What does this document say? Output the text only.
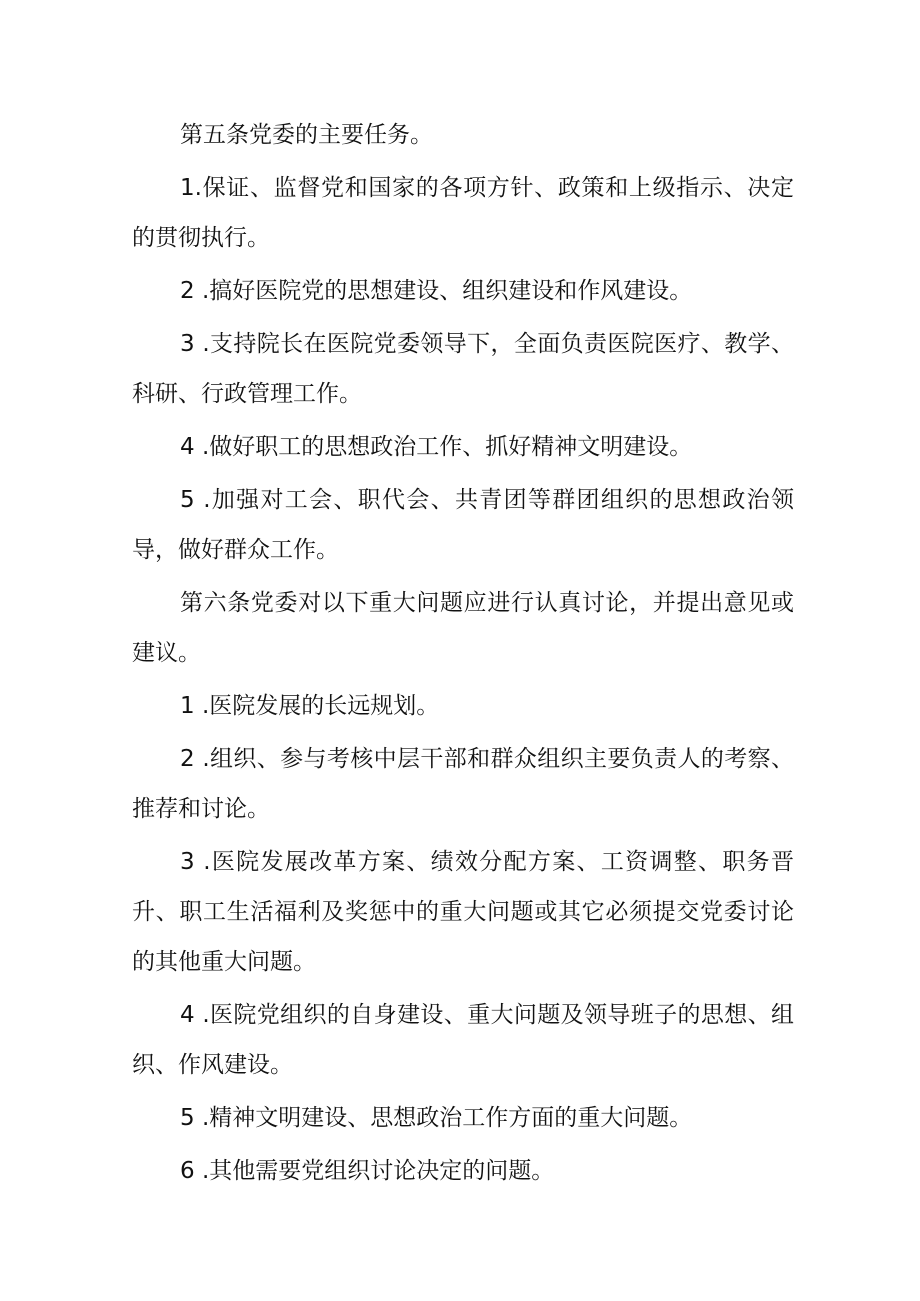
第五条党委的主要任务。

1.保证、监督党和国家的各项方针、政策和上级指示、决定的贯彻执行。

2 .搞好医院党的思想建设、组织建设和作风建设。

3 .支持院长在医院党委领导下，全面负责医院医疗、教学、科研、行政管理工作。

4 .做好职工的思想政治工作、抓好精神文明建设。

5 .加强对工会、职代会、共青团等群团组织的思想政治领导，做好群众工作。

第六条党委对以下重大问题应进行认真讨论，并提出意见或建议。

1 .医院发展的长远规划。

2 .组织、参与考核中层干部和群众组织主要负责人的考察、推荐和讨论。

3 .医院发展改革方案、绩效分配方案、工资调整、职务晋升、职工生活福利及奖惩中的重大问题或其它必须提交党委讨论的其他重大问题。

4 .医院党组织的自身建设、重大问题及领导班子的思想、组织、作风建设。

5 .精神文明建设、思想政治工作方面的重大问题。

6 .其他需要党组织讨论决定的问题。
